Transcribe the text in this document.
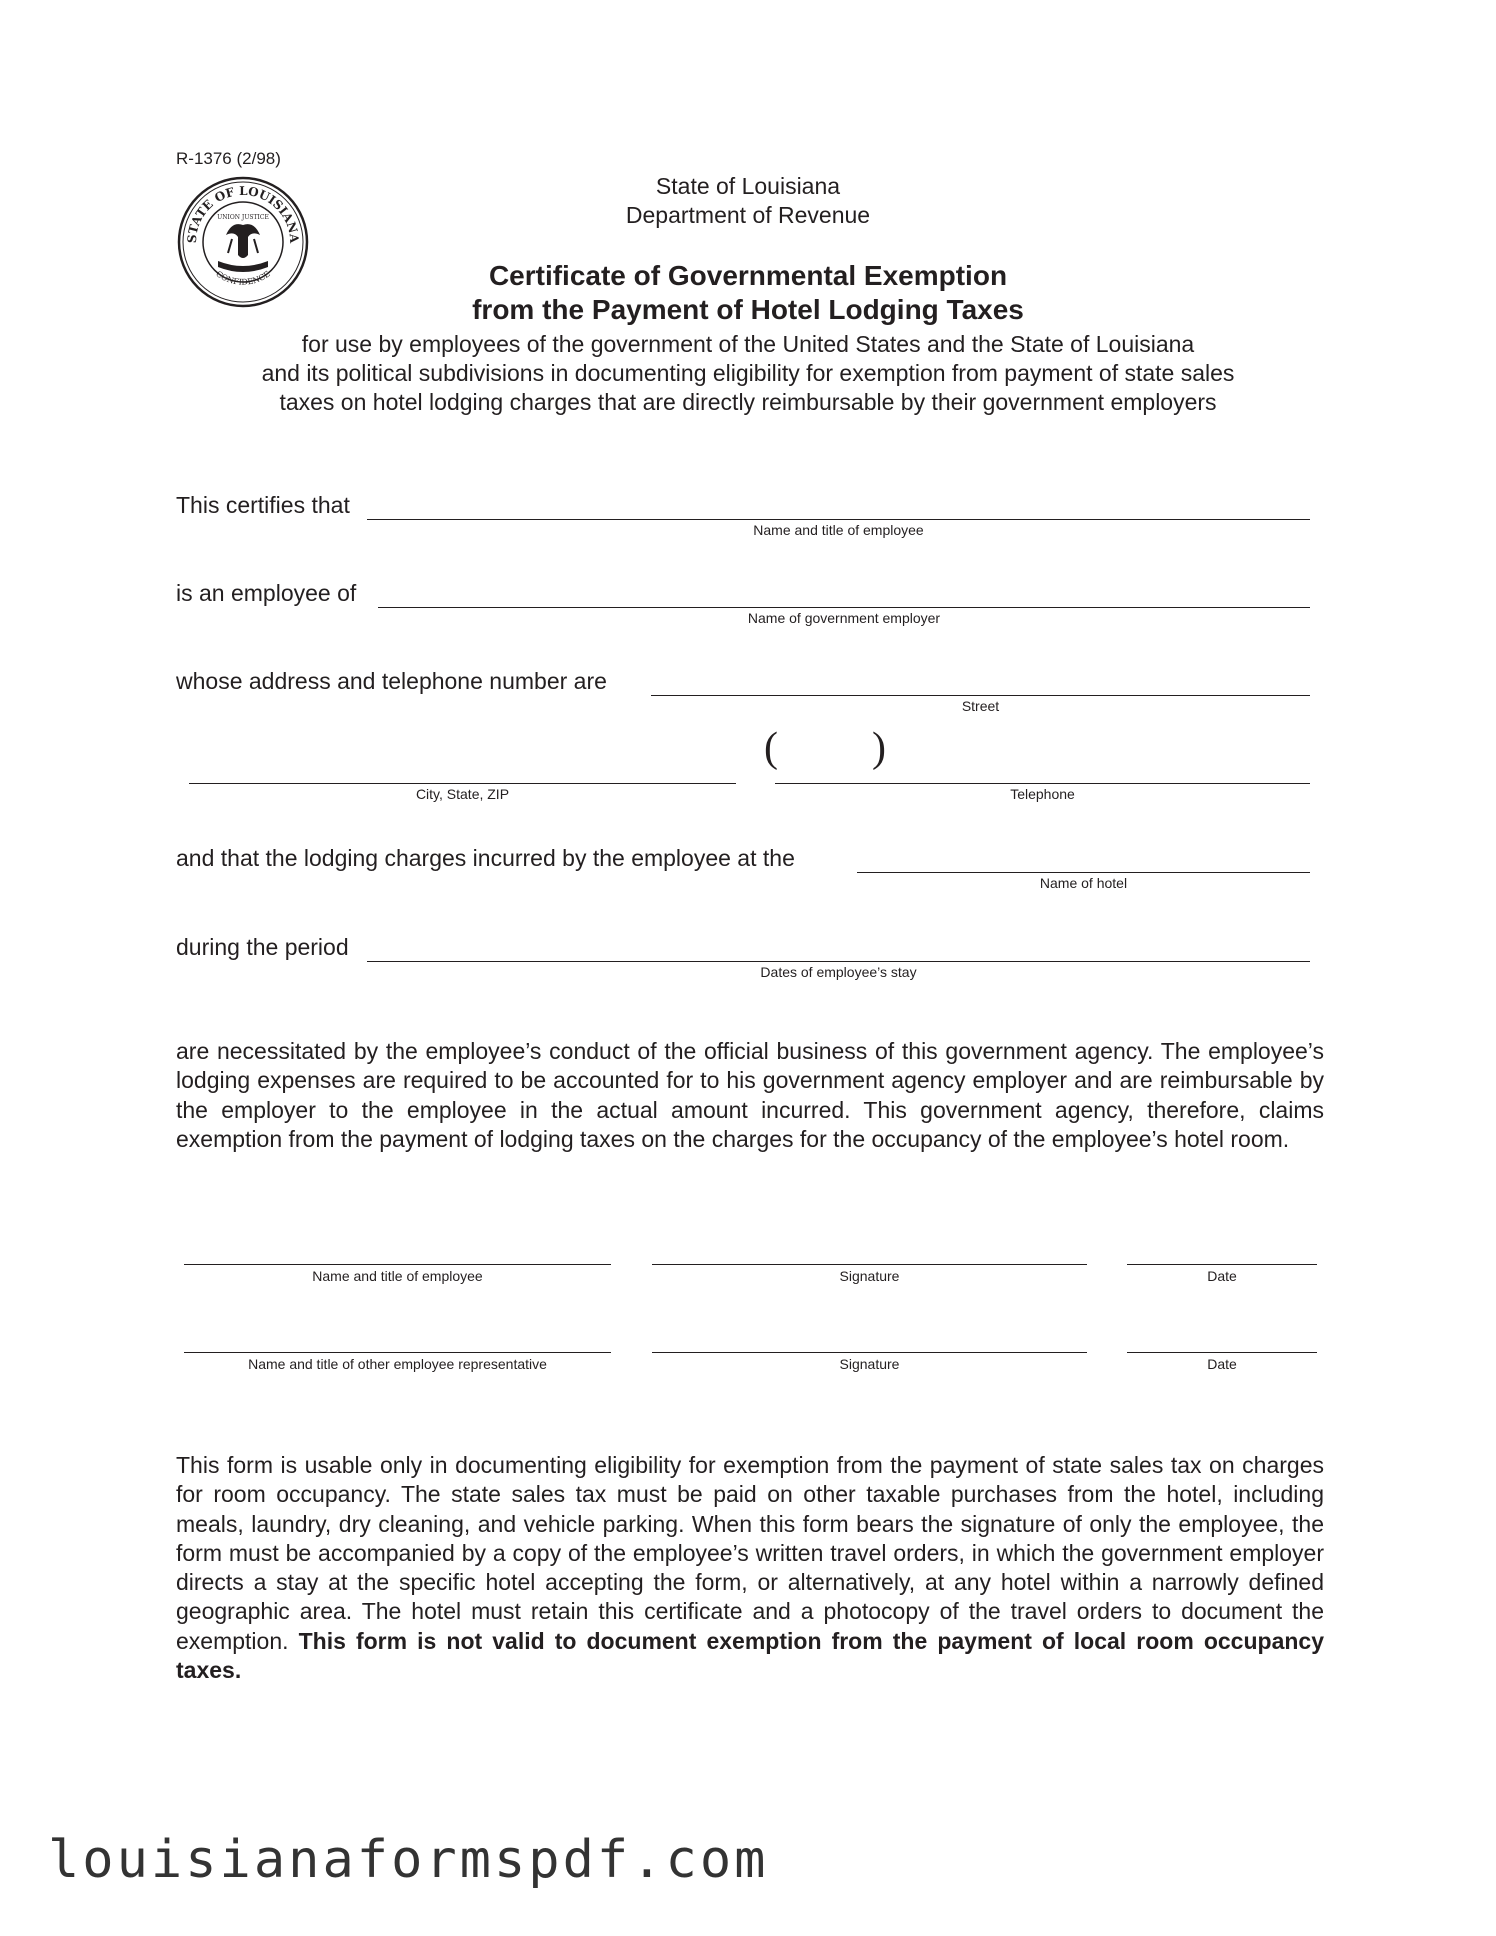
R-1376 (2/98)
STATE OF LOUISIANA
CONFIDENCE
UNION JUSTICE
State of Louisiana
Department of Revenue
Certificate of Governmental Exemption
from the Payment of Hotel Lodging Taxes
for use by employees of the government of the United States and the State of Louisiana
and its political subdivisions in documenting eligibility for exemption from payment of state sales
taxes on hotel lodging charges that are directly reimbursable by their government employers
This certifies that
Name and title of employee
is an employee of
Name of government employer
whose address and telephone number are
Street
City, State, ZIP
( )
Telephone
and that the lodging charges incurred by the employee at the
Name of hotel
during the period
Dates of employee’s stay
are necessitated by the employee’s conduct of the official business of this government agency. The employee’s lodging expenses are required to be accounted for to his government agency employer and are reimbursable by the employer to the employee in the actual amount incurred. This government agency, therefore, claims exemption from the payment of lodging taxes on the charges for the occupancy of the employee’s hotel room.
Name and title of employee	Signature	Date
Name and title of other employee representative	Signature	Date
This form is usable only in documenting eligibility for exemption from the payment of state sales tax on charges for room occupancy. The state sales tax must be paid on other taxable purchases from the hotel, including meals, laundry, dry cleaning, and vehicle parking. When this form bears the signature of only the employee, the form must be accompanied by a copy of the employee’s written travel orders, in which the government employer directs a stay at the specific hotel accepting the form, or alternatively, at any hotel within a narrowly defined geographic area. The hotel must retain this certificate and a photocopy of the travel orders to document the exemption. This form is not valid to document exemption from the payment of local room occupancy taxes.
louisianaformspdf.com
